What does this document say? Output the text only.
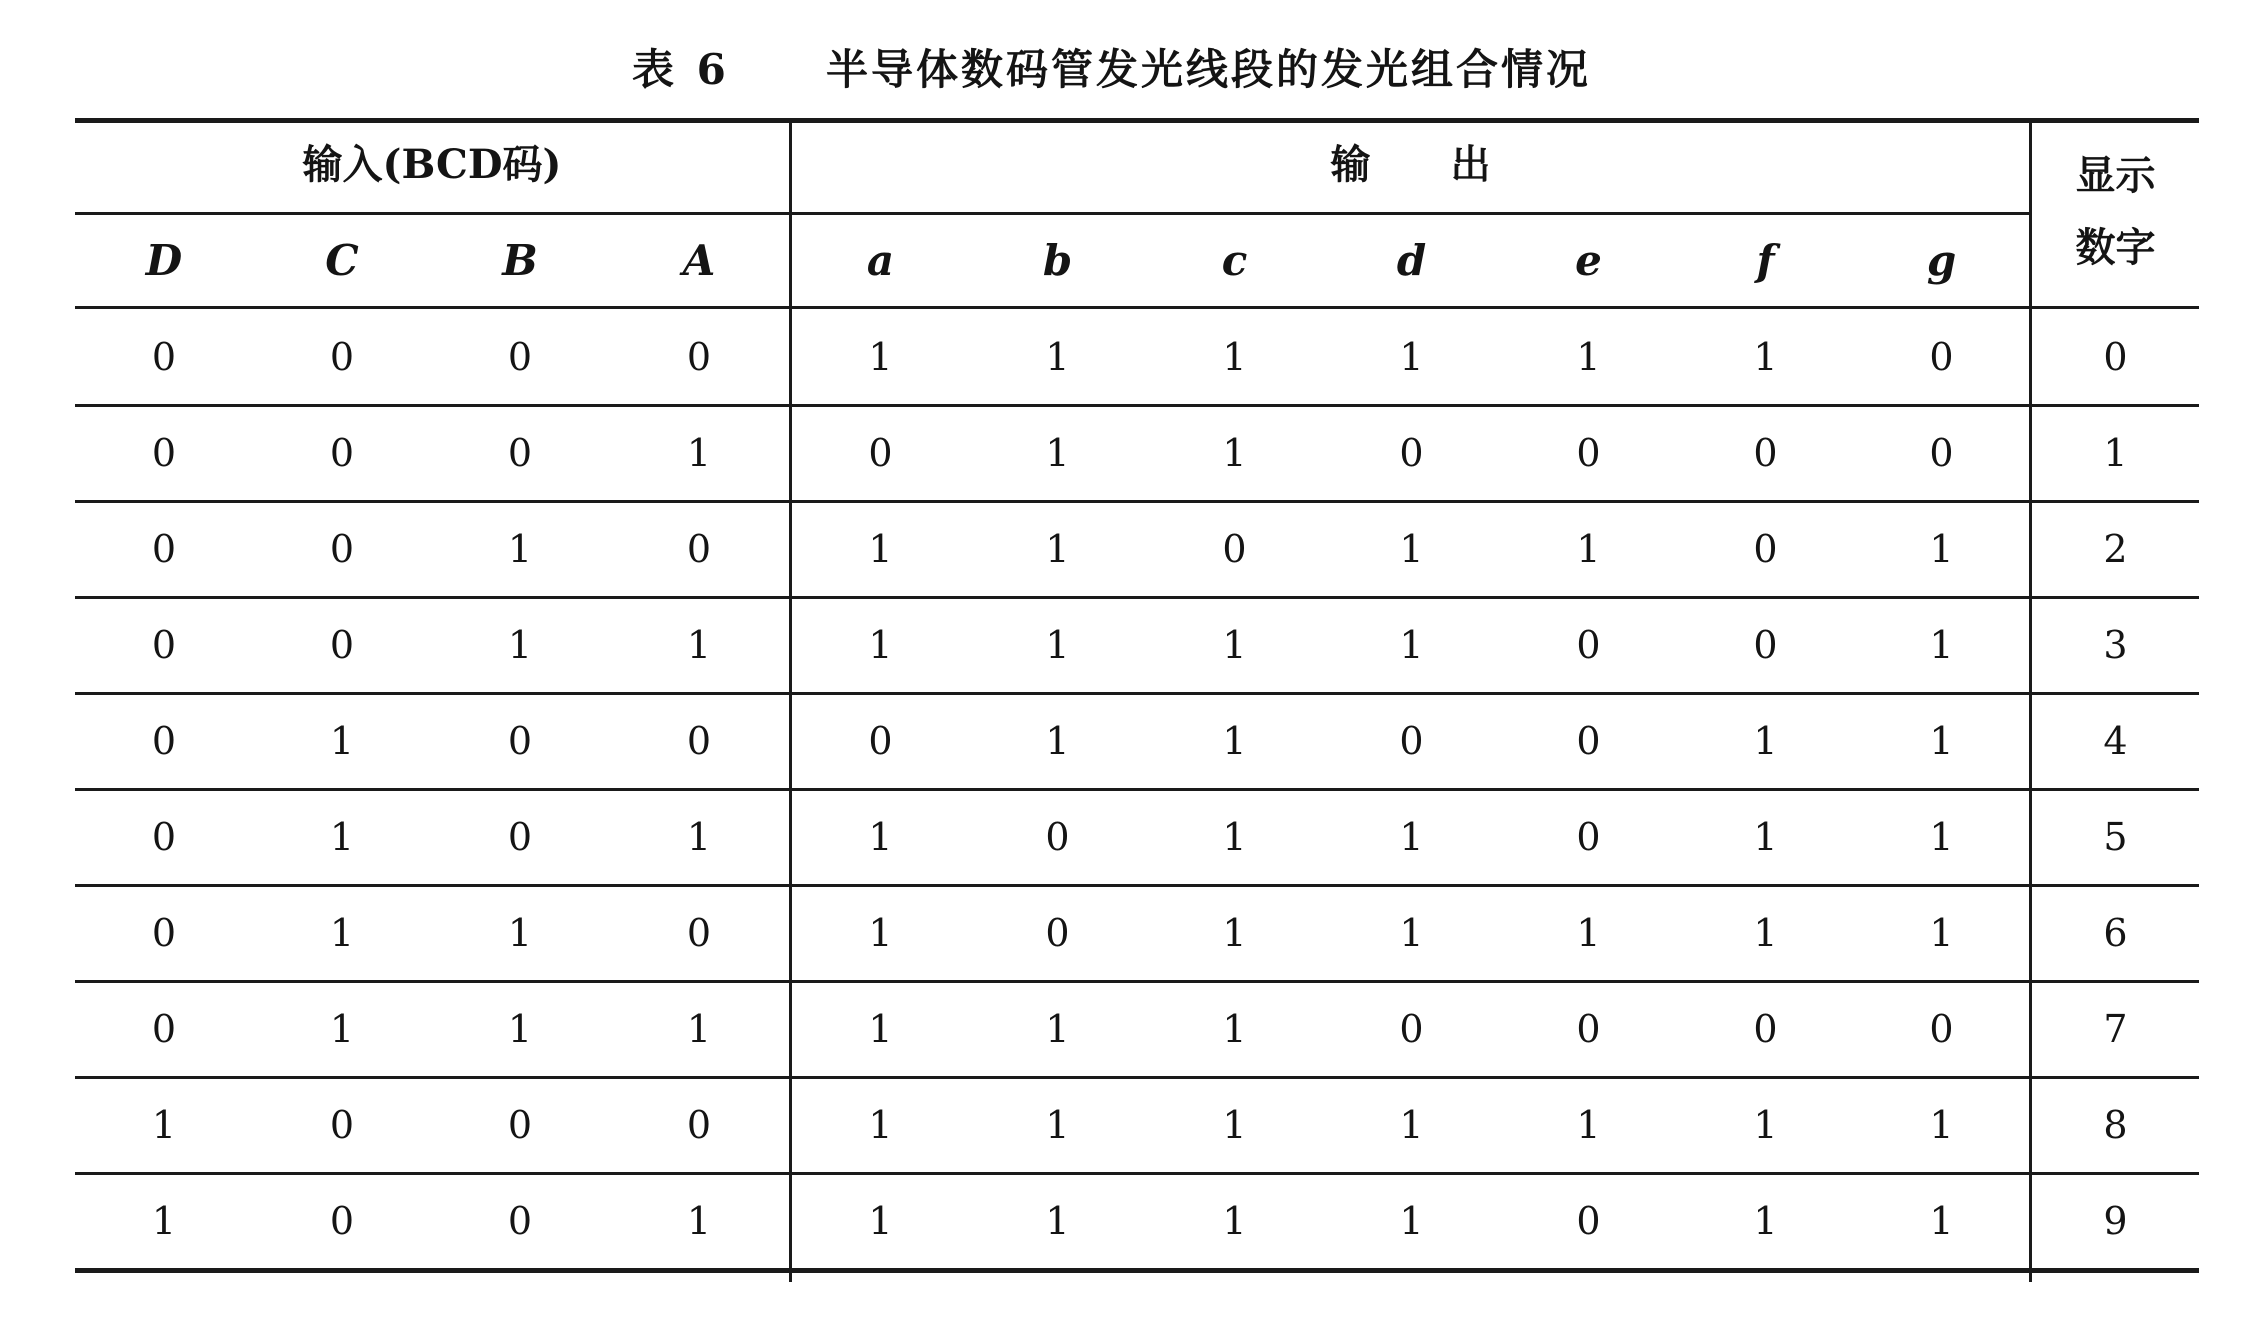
表 6 半导体数码管发光线段的发光组合情况
输入(BCD码)	输　　出	显示
数字
D	C	B	A	a	b	c	d	e	f	g
0	0	0	0	1	1	1	1	1	1	0	0
0	0	0	1	0	1	1	0	0	0	0	1
0	0	1	0	1	1	0	1	1	0	1	2
0	0	1	1	1	1	1	1	0	0	1	3
0	1	0	0	0	1	1	0	0	1	1	4
0	1	0	1	1	0	1	1	0	1	1	5
0	1	1	0	1	0	1	1	1	1	1	6
0	1	1	1	1	1	1	0	0	0	0	7
1	0	0	0	1	1	1	1	1	1	1	8
1	0	0	1	1	1	1	1	0	1	1	9
